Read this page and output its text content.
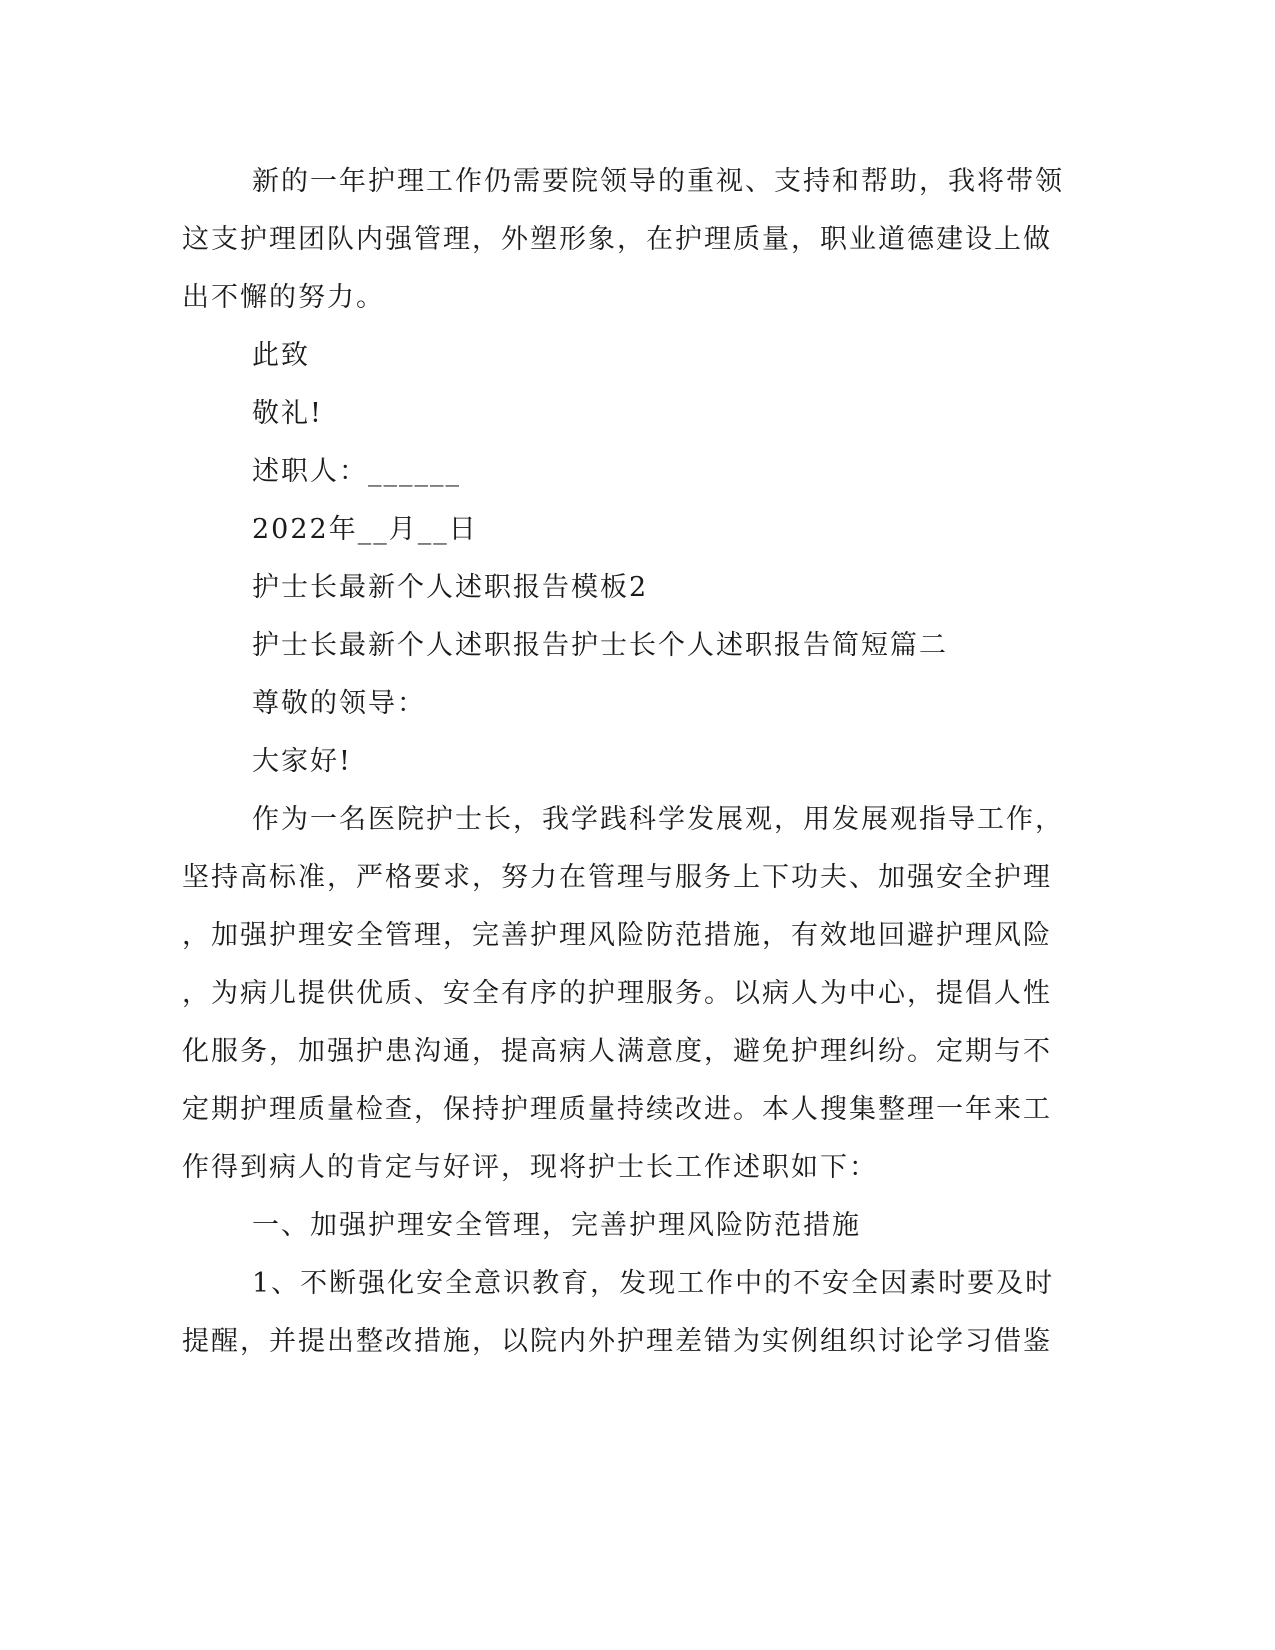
新的一年护理工作仍需要院领导的重视、支持和帮助，我将带领
这支护理团队内强管理，外塑形象，在护理质量，职业道德建设上做
出不懈的努力。
此致
敬礼!
述职人：______
2022年__月__日
护士长最新个人述职报告模板2
护士长最新个人述职报告护士长个人述职报告简短篇二
尊敬的领导：
大家好!
作为一名医院护士长，我学践科学发展观，用发展观指导工作，
坚持高标准，严格要求，努力在管理与服务上下功夫、加强安全护理
，加强护理安全管理，完善护理风险防范措施，有效地回避护理风险
，为病儿提供优质、安全有序的护理服务。以病人为中心，提倡人性
化服务，加强护患沟通，提高病人满意度，避免护理纠纷。定期与不
定期护理质量检查，保持护理质量持续改进。本人搜集整理一年来工
作得到病人的肯定与好评，现将护士长工作述职如下：
一、加强护理安全管理，完善护理风险防范措施
1、不断强化安全意识教育，发现工作中的不安全因素时要及时
提醒，并提出整改措施，以院内外护理差错为实例组织讨论学习借鉴
